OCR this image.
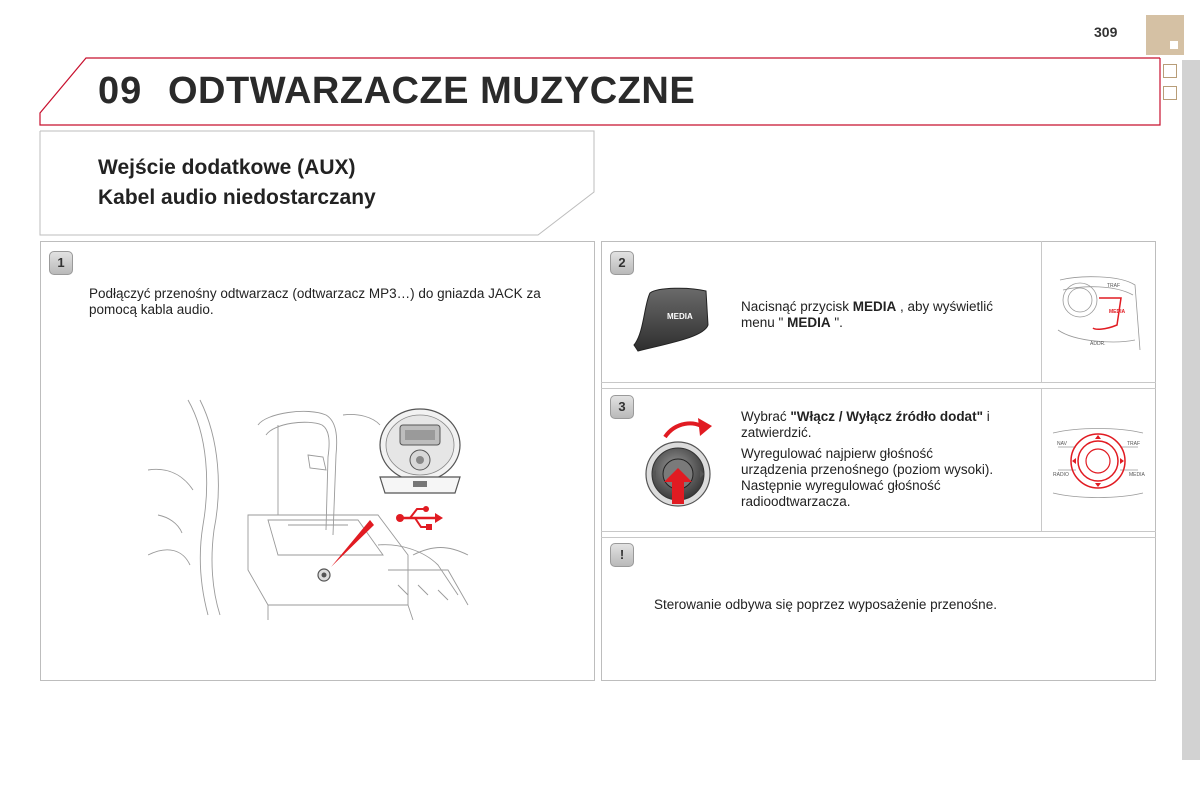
309
09 ODTWARZACZE MUZYCZNE
Wejście dodatkowe (AUX)
Kabel audio niedostarczany
1
Podłączyć przenośny odtwarzacz (odtwarzacz MP3…) do gniazda JACK za pomocą kabla audio.
2
MEDIA
Nacisnąć przycisk MEDIA , aby wyświetlić menu " MEDIA ".
TRAF
MEDIA
ADDR.
3
Wybrać "Włącz / Wyłącz źródło dodat" i zatwierdzić.
Wyregulować najpierw głośność urządzenia przenośnego (poziom wysoki). Następnie wyregulować głośność radioodtwarzacza.
NAV	TRAF
RADIO	MEDIA
!
Sterowanie odbywa się poprzez wyposażenie przenośne.
